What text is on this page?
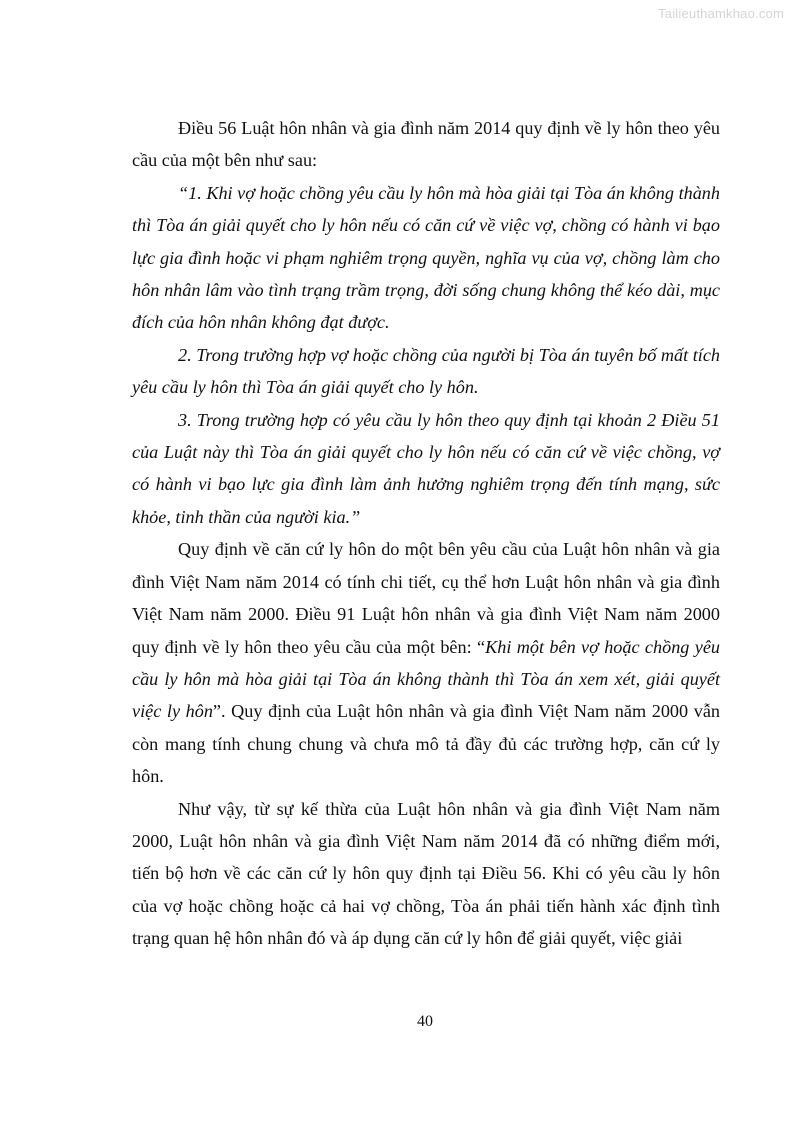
Tailieuthamkhao.com

Điều 56 Luật hôn nhân và gia đình năm 2014 quy định về ly hôn theo yêu cầu của một bên như sau:

“1. Khi vợ hoặc chồng yêu cầu ly hôn mà hòa giải tại Tòa án không thành thì Tòa án giải quyết cho ly hôn nếu có căn cứ về việc vợ, chồng có hành vi bạo lực gia đình hoặc vi phạm nghiêm trọng quyền, nghĩa vụ của vợ, chồng làm cho hôn nhân lâm vào tình trạng trầm trọng, đời sống chung không thể kéo dài, mục đích của hôn nhân không đạt được.

2. Trong trường hợp vợ hoặc chồng của người bị Tòa án tuyên bố mất tích yêu cầu ly hôn thì Tòa án giải quyết cho ly hôn.

3. Trong trường hợp có yêu cầu ly hôn theo quy định tại khoản 2 Điều 51 của Luật này thì Tòa án giải quyết cho ly hôn nếu có căn cứ về việc chồng, vợ có hành vi bạo lực gia đình làm ảnh hưởng nghiêm trọng đến tính mạng, sức khỏe, tinh thần của người kia.”

Quy định về căn cứ ly hôn do một bên yêu cầu của Luật hôn nhân và gia đình Việt Nam năm 2014 có tính chi tiết, cụ thể hơn Luật hôn nhân và gia đình Việt Nam năm 2000. Điều 91 Luật hôn nhân và gia đình Việt Nam năm 2000 quy định về ly hôn theo yêu cầu của một bên: “Khi một bên vợ hoặc chồng yêu cầu ly hôn mà hòa giải tại Tòa án không thành thì Tòa án xem xét, giải quyết việc ly hôn”. Quy định của Luật hôn nhân và gia đình Việt Nam năm 2000 vẫn còn mang tính chung chung và chưa mô tả đầy đủ các trường hợp, căn cứ ly hôn.

Như vậy, từ sự kế thừa của Luật hôn nhân và gia đình Việt Nam năm 2000, Luật hôn nhân và gia đình Việt Nam năm 2014 đã có những điểm mới, tiến bộ hơn về các căn cứ ly hôn quy định tại Điều 56. Khi có yêu cầu ly hôn của vợ hoặc chồng hoặc cả hai vợ chồng, Tòa án phải tiến hành xác định tình trạng quan hệ hôn nhân đó và áp dụng căn cứ ly hôn để giải quyết, việc giải

40
